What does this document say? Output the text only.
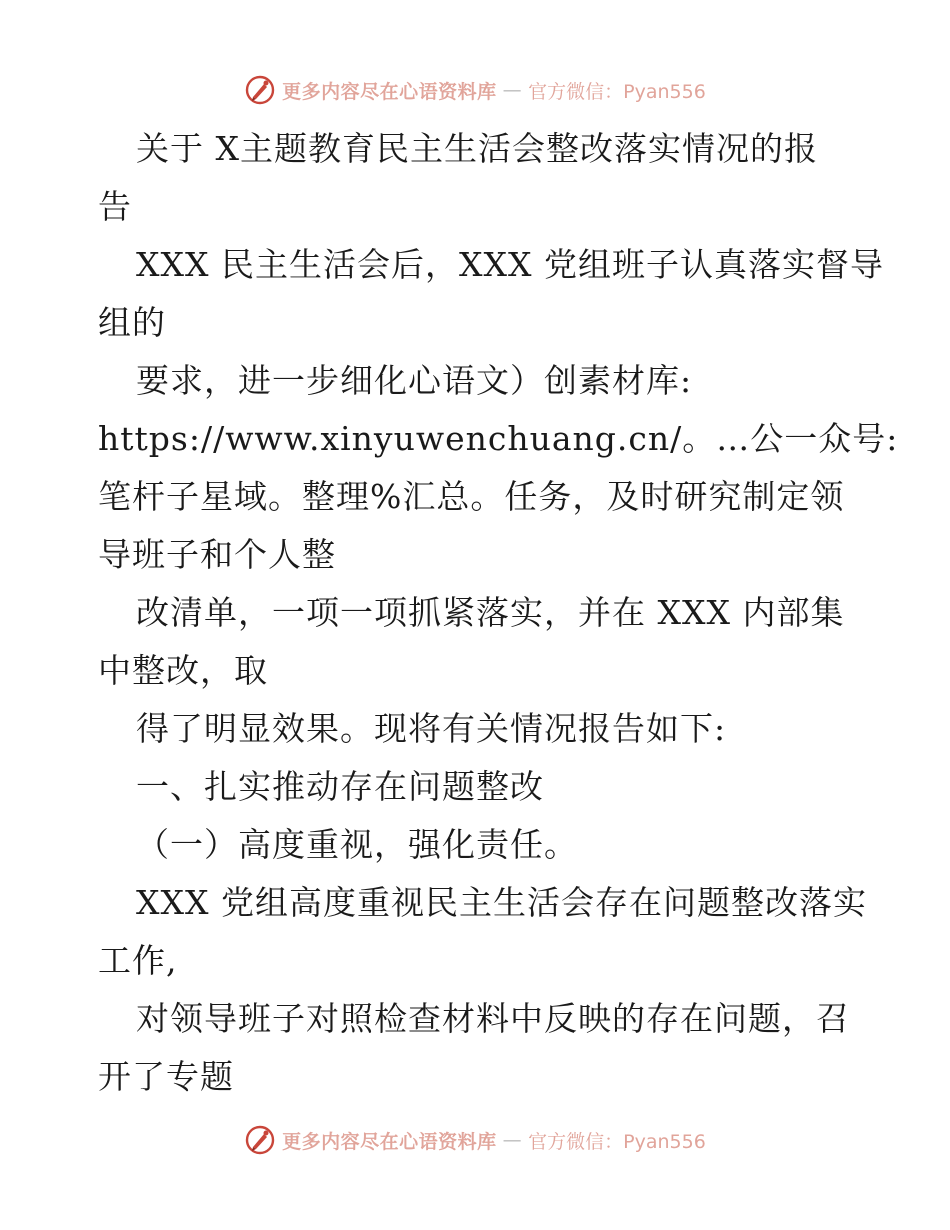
更多内容尽在心语资料库 — 官方微信：Pyan556
关于 X主题教育民主生活会整改落实情况的报
告
XXX 民主生活会后，XXX 党组班子认真落实督导
组的
要求，进一步细化心语文）创素材库:
https://www.xinyuwenchuang.cn/。…公一众号:
笔杆子星域。整理%汇总。任务，及时研究制定领
导班子和个人整
改清单，一项一项抓紧落实，并在 XXX 内部集
中整改，取
得了明显效果。现将有关情况报告如下:
一、扎实推动存在问题整改
（一）高度重视，强化责任。
XXX 党组高度重视民主生活会存在问题整改落实
工作,
对领导班子对照检查材料中反映的存在问题，召
开了专题
更多内容尽在心语资料库 — 官方微信：Pyan556
